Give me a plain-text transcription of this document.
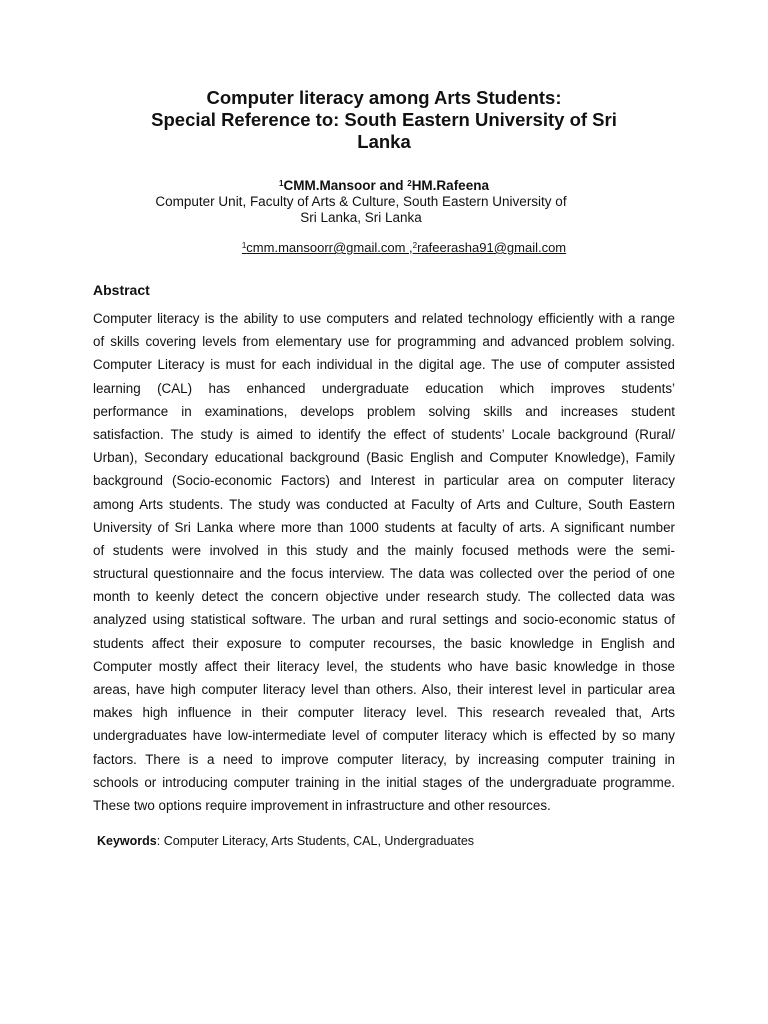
Computer literacy among Arts Students:
Special Reference to: South Eastern University of Sri
Lanka
$^1$CMM.Mansoor and $^2$HM.Rafeena
Computer Unit, Faculty of Arts & Culture, South Eastern University of
Sri Lanka, Sri Lanka
$^1$cmm.mansoorr@gmail.com ,$^2$rafeerasha91@gmail.com
Abstract
Computer literacy is the ability to use computers and related technology efficiently with a range
of skills covering levels from elementary use for programming and advanced problem solving.
Computer Literacy is must for each individual in the digital age. The use of computer assisted
learning (CAL) has enhanced undergraduate education which improves students’
performance in examinations, develops problem solving skills and increases student
satisfaction. The study is aimed to identify the effect of students’ Locale background (Rural/
Urban), Secondary educational background (Basic English and Computer Knowledge), Family
background (Socio-economic Factors) and Interest in particular area on computer literacy
among Arts students. The study was conducted at Faculty of Arts and Culture, South Eastern
University of Sri Lanka where more than 1000 students at faculty of arts. A significant number
of students were involved in this study and the mainly focused methods were the semi-
structural questionnaire and the focus interview. The data was collected over the period of one
month to keenly detect the concern objective under research study. The collected data was
analyzed using statistical software. The urban and rural settings and socio-economic status of
students affect their exposure to computer recourses, the basic knowledge in English and
Computer mostly affect their literacy level, the students who have basic knowledge in those
areas, have high computer literacy level than others. Also, their interest level in particular area
makes high influence in their computer literacy level. This research revealed that, Arts
undergraduates have low-intermediate level of computer literacy which is effected by so many
factors. There is a need to improve computer literacy, by increasing computer training in
schools or introducing computer training in the initial stages of the undergraduate programme.
These two options require improvement in infrastructure and other resources.
Keywords: Computer Literacy, Arts Students, CAL, Undergraduates
